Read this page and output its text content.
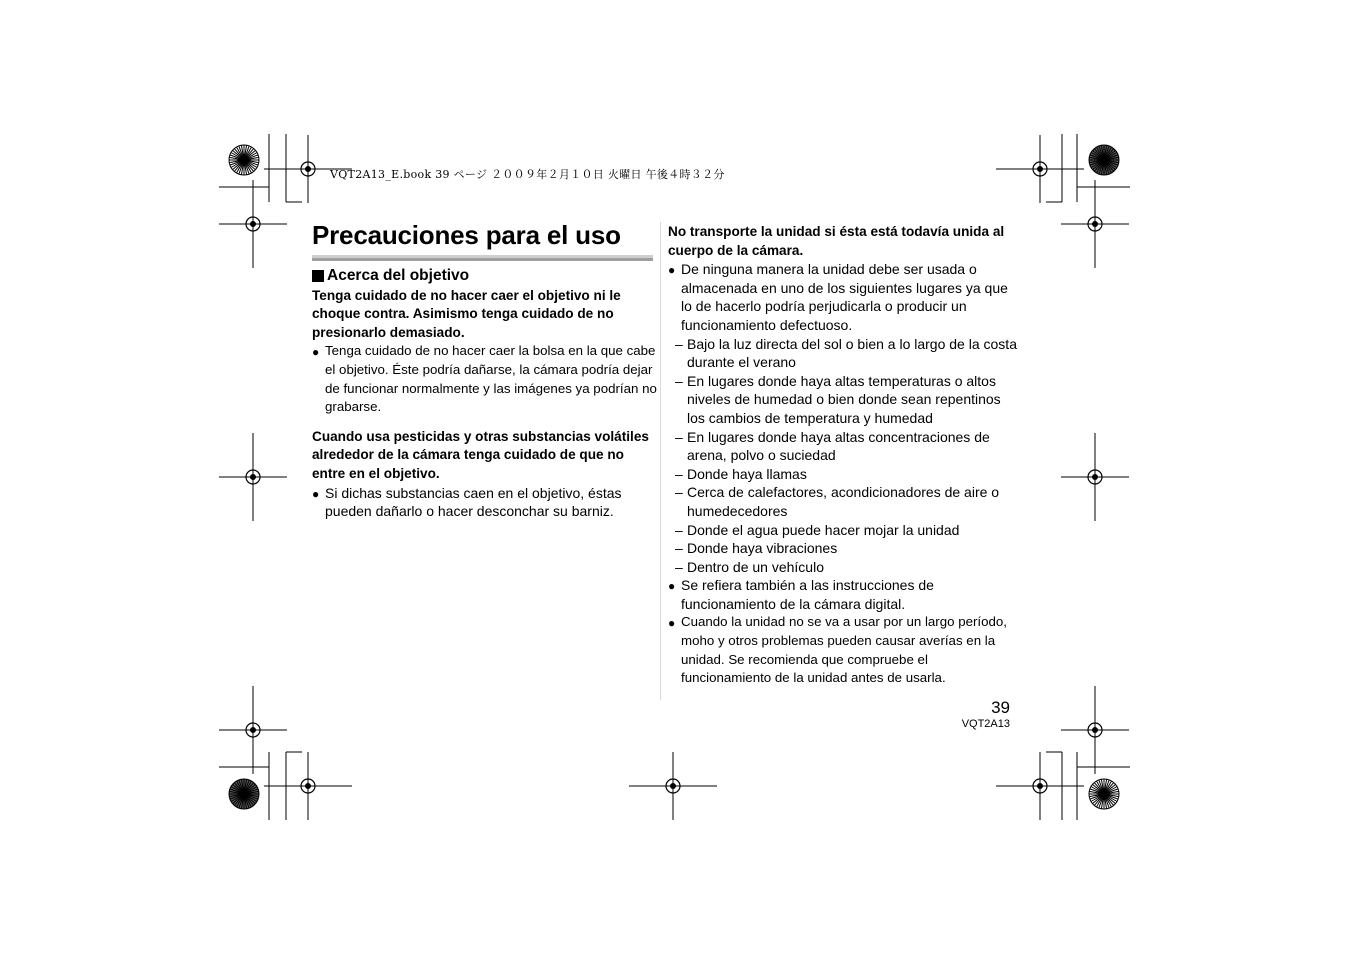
VQT2A13_E.book 39 ページ ２００９年２月１０日 火曜日 午後４時３２分
Precauciones para el uso
Acerca del objetivo
Tenga cuidado de no hacer caer el objetivo ni le choque contra. Asimismo tenga cuidado de no presionarlo demasiado.
● Tenga cuidado de no hacer caer la bolsa en la que cabe el objetivo. Éste podría dañarse, la cámara podría dejar de funcionar normalmente y las imágenes ya podrían no grabarse.
Cuando usa pesticidas y otras substancias volátiles alrededor de la cámara tenga cuidado de que no entre en el objetivo.
● Si dichas substancias caen en el objetivo, éstas pueden dañarlo o hacer desconchar su barniz.
No transporte la unidad si ésta está todavía unida al cuerpo de la cámara.
● De ninguna manera la unidad debe ser usada o almacenada en uno de los siguientes lugares ya que lo de hacerlo podría perjudicarla o producir un funcionamiento defectuoso.
– Bajo la luz directa del sol o bien a lo largo de la costa durante el verano
– En lugares donde haya altas temperaturas o altos niveles de humedad o bien donde sean repentinos los cambios de temperatura y humedad
– En lugares donde haya altas concentraciones de arena, polvo o suciedad
– Donde haya llamas
– Cerca de calefactores, acondicionadores de aire o humedecedores
– Donde el agua puede hacer mojar la unidad
– Donde haya vibraciones
– Dentro de un vehículo
● Se refiera también a las instrucciones de funcionamiento de la cámara digital.
● Cuando la unidad no se va a usar por un largo período, moho y otros problemas pueden causar averías en la unidad. Se recomienda que compruebe el funcionamiento de la unidad antes de usarla.
39
VQT2A13
